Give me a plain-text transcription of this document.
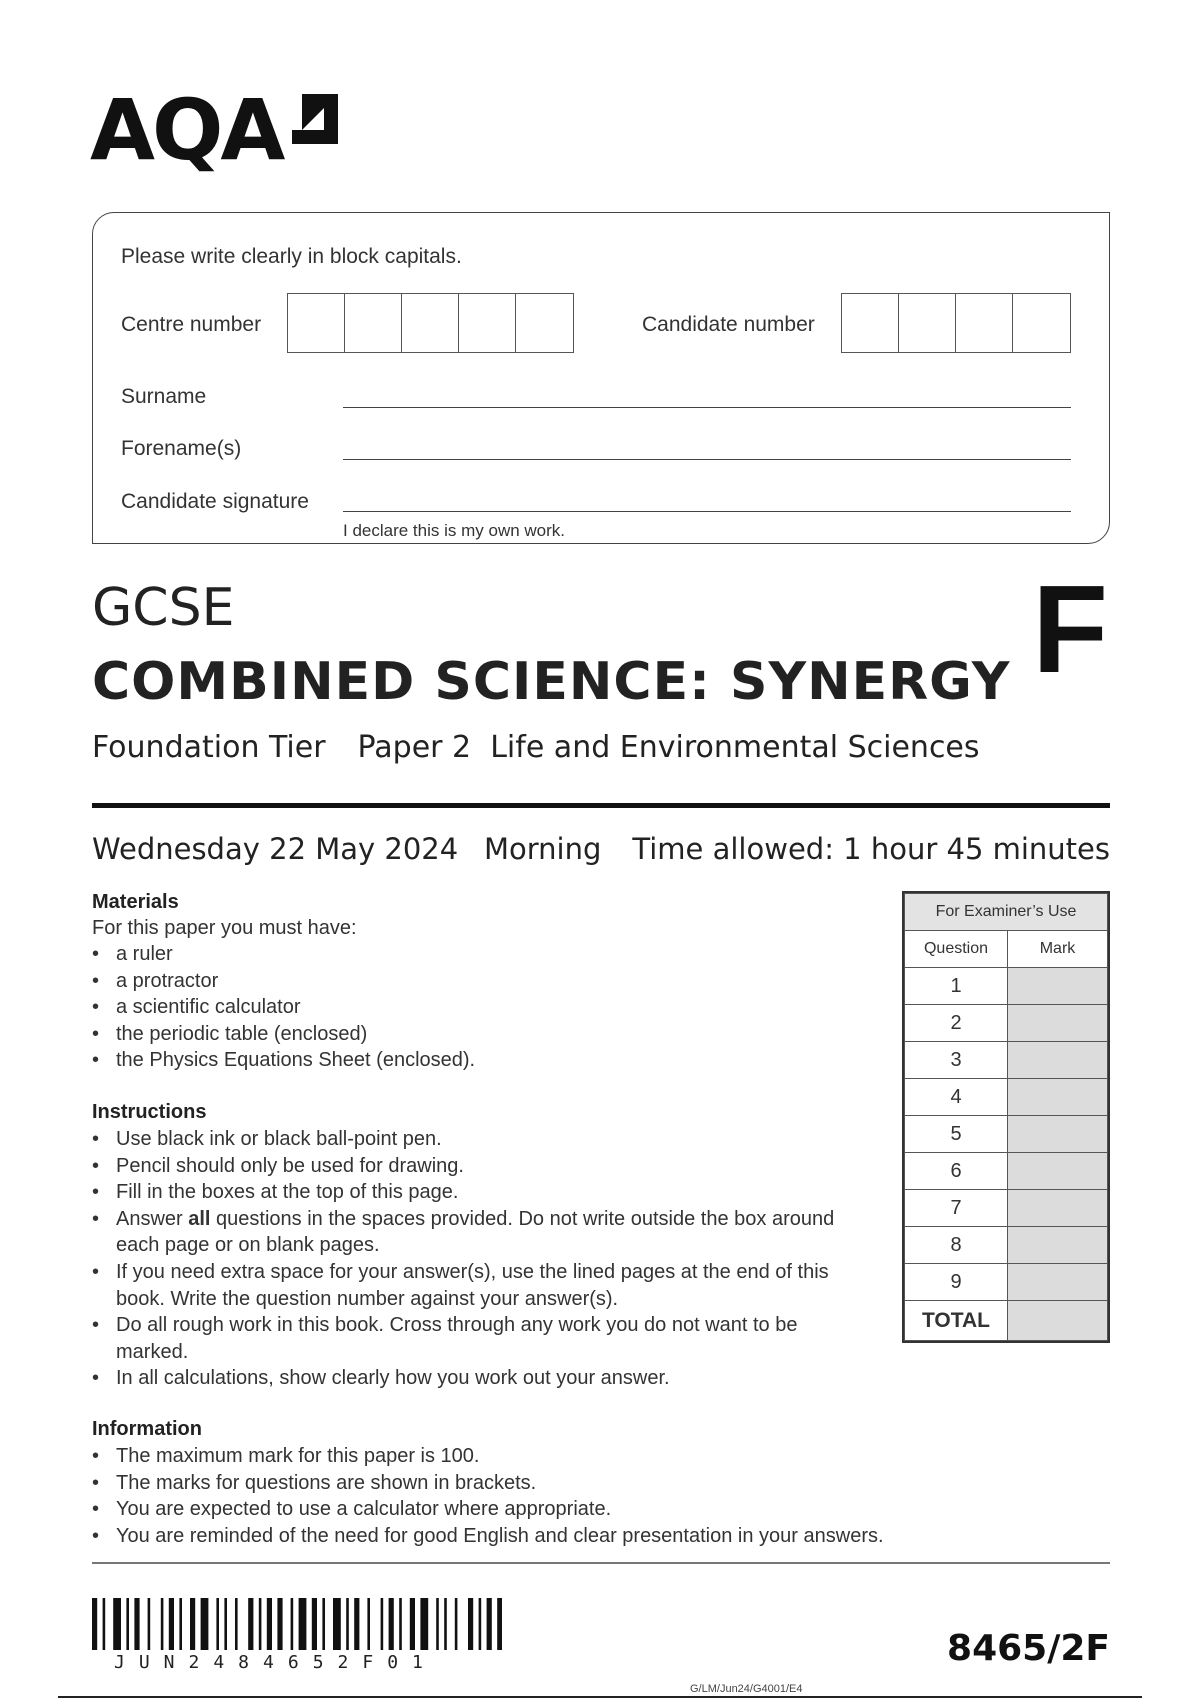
AQA
Please write clearly in block capitals.
Centre number	Candidate number
Surname
Forename(s)
Candidate signature
I declare this is my own work.
GCSE
COMBINED SCIENCE: SYNERGY
Foundation Tier Paper 2 Life and Environmental Sciences
F
Wednesday 22 May 2024 Morning Time allowed: 1 hour 45 minutes
Materials
For this paper you must have:
• a ruler
• a protractor
• a scientific calculator
• the periodic table (enclosed)
• the Physics Equations Sheet (enclosed).
Instructions
• Use black ink or black ball-point pen.
• Pencil should only be used for drawing.
• Fill in the boxes at the top of this page.
• Answer all questions in the spaces provided. Do not write outside the box around each page or on blank pages.
• If you need extra space for your answer(s), use the lined pages at the end of this book. Write the question number against your answer(s).
• Do all rough work in this book. Cross through any work you do not want to be marked.
• In all calculations, show clearly how you work out your answer.
Information
• The maximum mark for this paper is 100.
• The marks for questions are shown in brackets.
• You are expected to use a calculator where appropriate.
• You are reminded of the need for good English and clear presentation in your answers.
For Examiner’s Use	
Question	Mark
1	
2	
3	
4	
5	
6	
7	
8	
9	
TOTAL	
JUN2484652F01
G/LM/Jun24/G4001/E4
8465/2F
